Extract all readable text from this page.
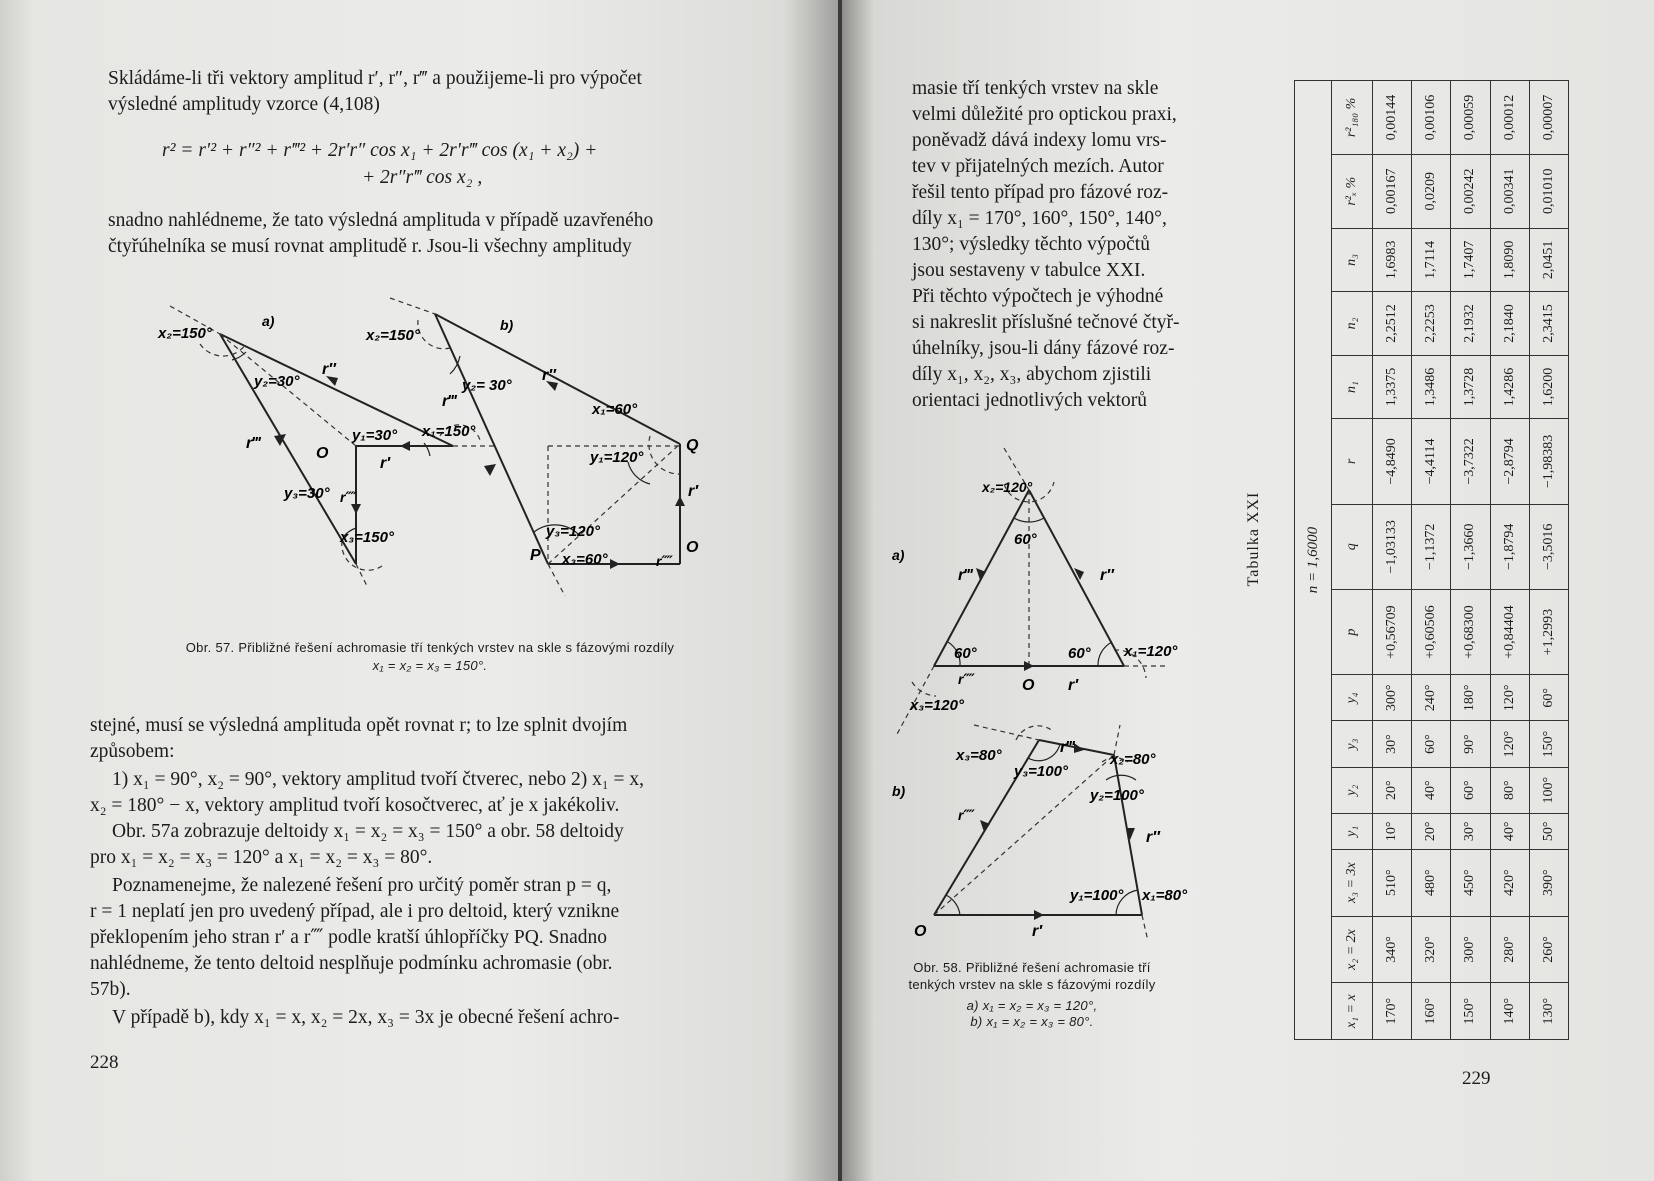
Skládáme-li tři vektory amplitud r′, r″, r‴ a použijeme-li pro výpočet
výsledné amplitudy vzorce (4,108)
r² = r′² + r″² + r‴² + 2r′r″ cos x₁ + 2r′r‴ cos (x₁ + x₂) +
+ 2r″r‴ cos x₂ ,
snadno nahlédneme, že tato výsledná amplituda v případě uzavřeného
čtyřúhelníka se musí rovnat amplitudě r. Jsou-li všechny amplitudy
x₂=150°
a)
y₂=30°
r″
r‴
O
y₁=30° x₁=150°
r′
y₃=30° r⁗
x₃=150°
x₂=150°
b)
y₂= 30°
r″
r‴	x₁=60°
Q
y₁=120°
r′
y₃=120°
P x₃=60°
O
r⁗
Obr. 57. Přibližné řešení achromasie tří tenkých vrstev na skle s fázovými rozdíly
x₁ = x₂ = x₃ = 150°.
stejné, musí se výsledná amplituda opět rovnat r; to lze splnit dvojím
způsobem:
1) x₁ = 90°, x₂ = 90°, vektory amplitud tvoří čtverec, nebo 2) x₁ = x,
x₂ = 180° − x, vektory amplitud tvoří kosočtverec, ať je x jakékoliv.
Obr. 57a zobrazuje deltoidy x₁ = x₂ = x₃ = 150° a obr. 58 deltoidy
pro x₁ = x₂ = x₃ = 120° a x₁ = x₂ = x₃ = 80°.
Poznamenejme, že nalezené řešení pro určitý poměr stran p = q,
r = 1 neplatí jen pro uvedený případ, ale i pro deltoid, který vznikne
překlopením jeho stran r′ a r⁗ podle kratší úhlopříčky PQ. Snadno
nahlédneme, že tento deltoid nesplňuje podmínku achromasie (obr.
57b).
V případě b), kdy x₁ = x, x₂ = 2x, x₃ = 3x je obecné řešení achro-
228
masie tří tenkých vrstev na skle
velmi důležité pro optickou praxi,
poněvadž dává indexy lomu vrs-
tev v přijatelných mezích. Autor
řešil tento případ pro fázové roz-
díly x₁ = 170°, 160°, 150°, 140°,
130°; výsledky těchto výpočtů
jsou sestaveny v tabulce XXI.
Při těchto výpočtech je výhodné
si nakreslit příslušné tečnové čtyř-
úhelníky, jsou-li dány fázové roz-
díly x₁, x₂, x₃, abychom zjistili
orientaci jednotlivých vektorů
x₂=120°
60°
a)
r‴	r″
60°	60° x₁=120°
r⁗	O r′
x₃=120°
x₃=80°	r‴
x₂=80°
y₃=100°
b)	y₂=100°
r⁗
r″
y₁=100° x₁=80°
O	r′
Obr. 58. Přibližné řešení achromasie tří
tenkých vrstev na skle s fázovými rozdíly
a) x₁ = x₂ = x₃ = 120°,
b) x₁ = x₂ = x₃ = 80°.
Tabulka XXI	n = 1,6000
x₁ = x	x₂ = 2x	x₃ = 3x	y₁	y₂	y₃	y₄	p	q	r	n₁	n₂	n₃	r²ₓ %	r²₁₈₀ %
170°	340°	510°	10°	20°	30°	300°	+0,56709	−1,03133	−4,8490	1,3375	2,2512	1,6983	0,00167	0,00144
160°	320°	480°	20°	40°	60°	240°	+0,60506	−1,1372	−4,4114	1,3486	2,2253	1,7114	0,0209	0,00106
150°	300°	450°	30°	60°	90°	180°	+0,68300	−1,3660	−3,7322	1,3728	2,1932	1,7407	0,00242	0,00059
140°	280°	420°	40°	80°	120°	120°	+0,84404	−1,8794	−2,8794	1,4286	2,1840	1,8090	0,00341	0,00012
130°	260°	390°	50°	100°	150°	60°	+1,2993	−3,5016	−1,98383	1,6200	2,3415	2,0451	0,01010	0,00007
229
